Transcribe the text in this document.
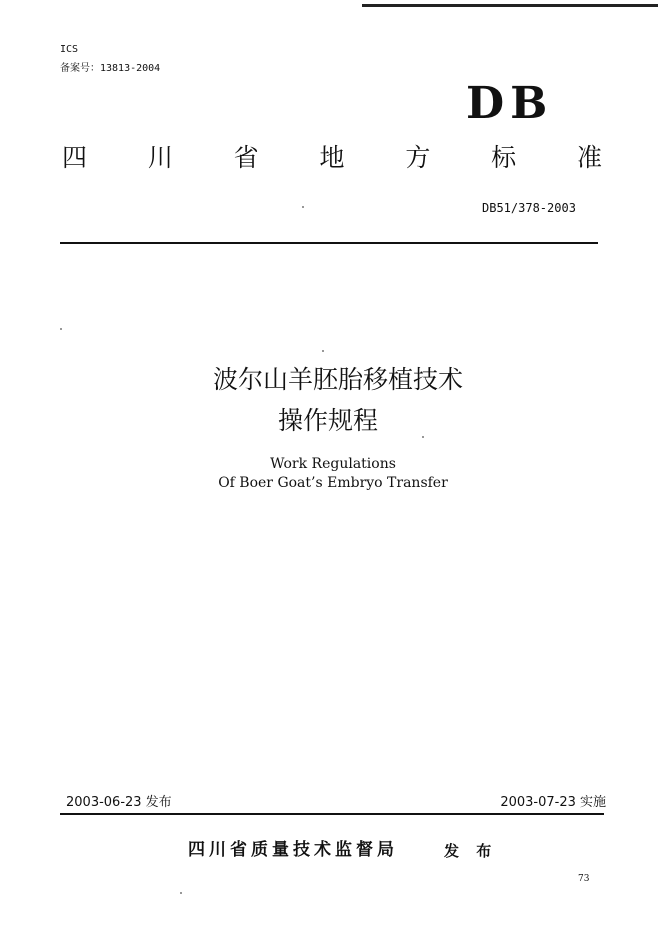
ICS
备案号：13813-2004
DB
四 川 省 地 方 标 准
DB51/378-2003
波尔山羊胚胎移植技术
操作规程
Work Regulations
Of Boer Goat’s Embryo Transfer
2003-06-23 发布	2003-07-23 实施
四川省质量技术监督局	发 布
73
